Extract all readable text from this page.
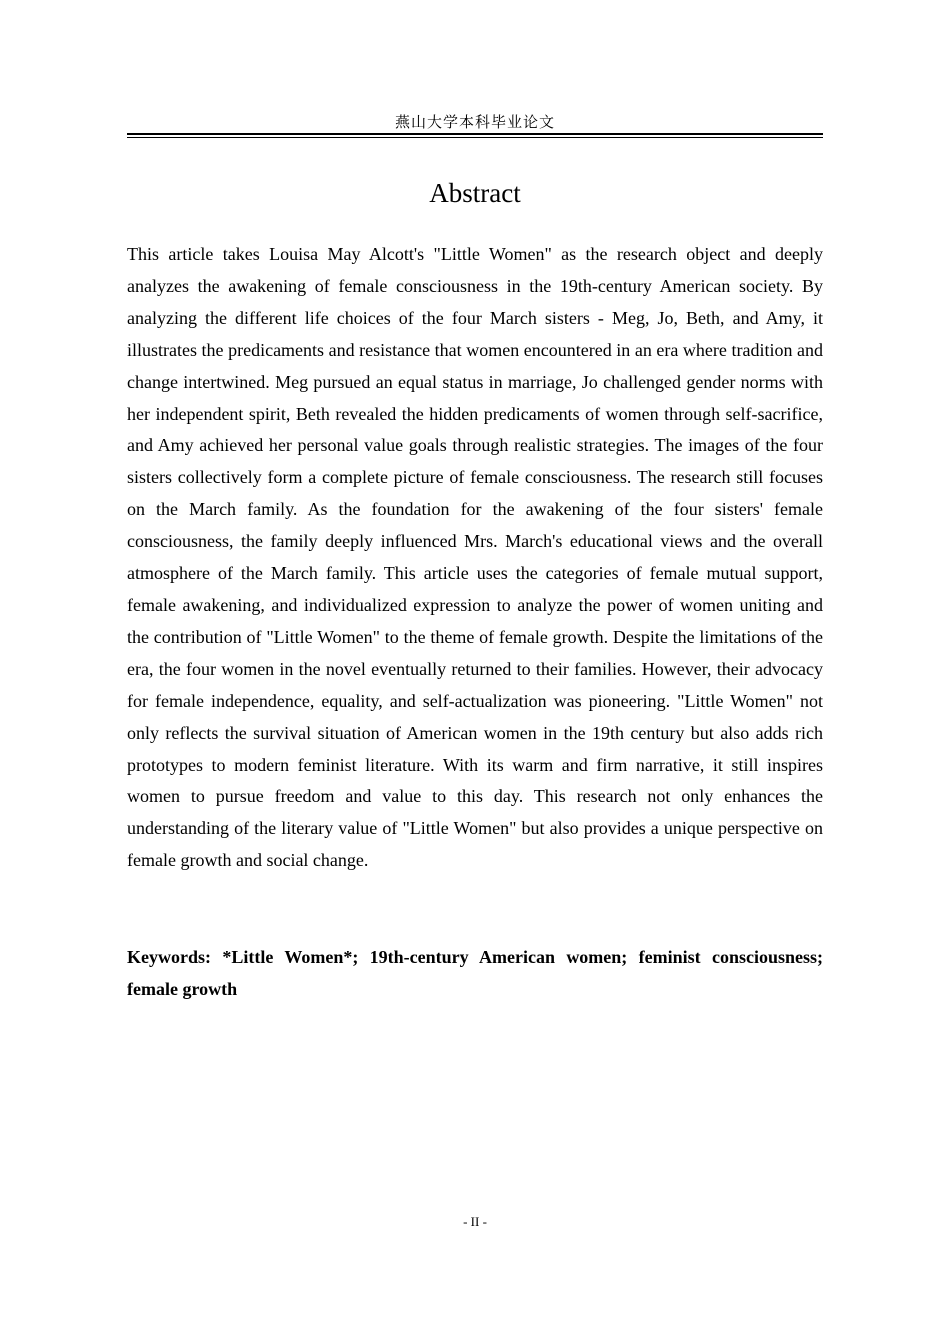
燕山大学本科毕业论文
Abstract

This article takes Louisa May Alcott's "Little Women" as the research object and deeply analyzes the awakening of female consciousness in the 19th-century American society. By analyzing the different life choices of the four March sisters - Meg, Jo, Beth, and Amy, it illustrates the predicaments and resistance that women encountered in an era where tradition and change intertwined. Meg pursued an equal status in marriage, Jo challenged gender norms with her independent spirit, Beth revealed the hidden predicaments of women through self-sacrifice, and Amy achieved her personal value goals through realistic strategies. The images of the four sisters collectively form a complete picture of female consciousness. The research still focuses on the March family. As the foundation for the awakening of the four sisters' female consciousness, the family deeply influenced Mrs. March's educational views and the overall atmosphere of the March family. This article uses the categories of female mutual support, female awakening, and individualized expression to analyze the power of women uniting and the contribution of "Little Women" to the theme of female growth. Despite the limitations of the era, the four women in the novel eventually returned to their families. However, their advocacy for female independence, equality, and self-actualization was pioneering. "Little Women" not only reflects the survival situation of American women in the 19th century but also adds rich prototypes to modern feminist literature. With its warm and firm narrative, it still inspires women to pursue freedom and value to this day. This research not only enhances the understanding of the literary value of "Little Women" but also provides a unique perspective on female growth and social change.

Keywords: *Little Women*; 19th-century American women; feminist consciousness; female growth

- II -
